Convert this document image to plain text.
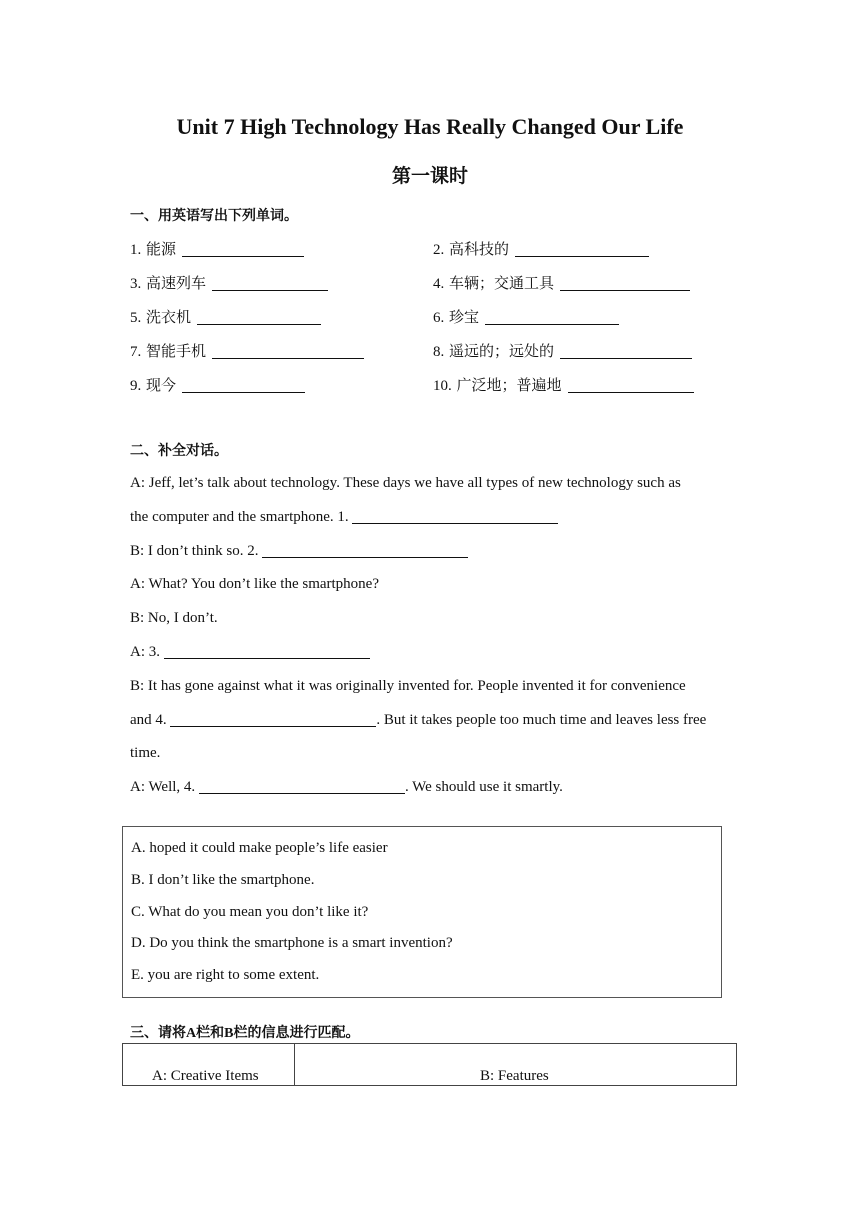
Unit 7 High Technology Has Really Changed Our Life
第一课时
一、用英语写出下列单词。
1. 能源	2. 高科技的
3. 高速列车	4. 车辆；交通工具
5. 洗衣机	6. 珍宝
7. 智能手机	8. 遥远的；远处的
9. 现今	10. 广泛地；普遍地
二、补全对话。
A: Jeff, let’s talk about technology. These days we have all types of new technology such as
the computer and the smartphone. 1.
B: I don’t think so. 2.
A: What? You don’t like the smartphone?
B: No, I don’t.
A: 3.
B: It has gone against what it was originally invented for. People invented it for convenience
and 4.	. But it takes people too much time and leaves less free
time.
A: Well, 4.	. We should use it smartly.
A. hoped it could make people’s life easier
B. I don’t like the smartphone.
C. What do you mean you don’t like it?
D. Do you think the smartphone is a smart invention?
E. you are right to some extent.
三、请将A栏和B栏的信息进行匹配。
A: Creative Items	B: Features
